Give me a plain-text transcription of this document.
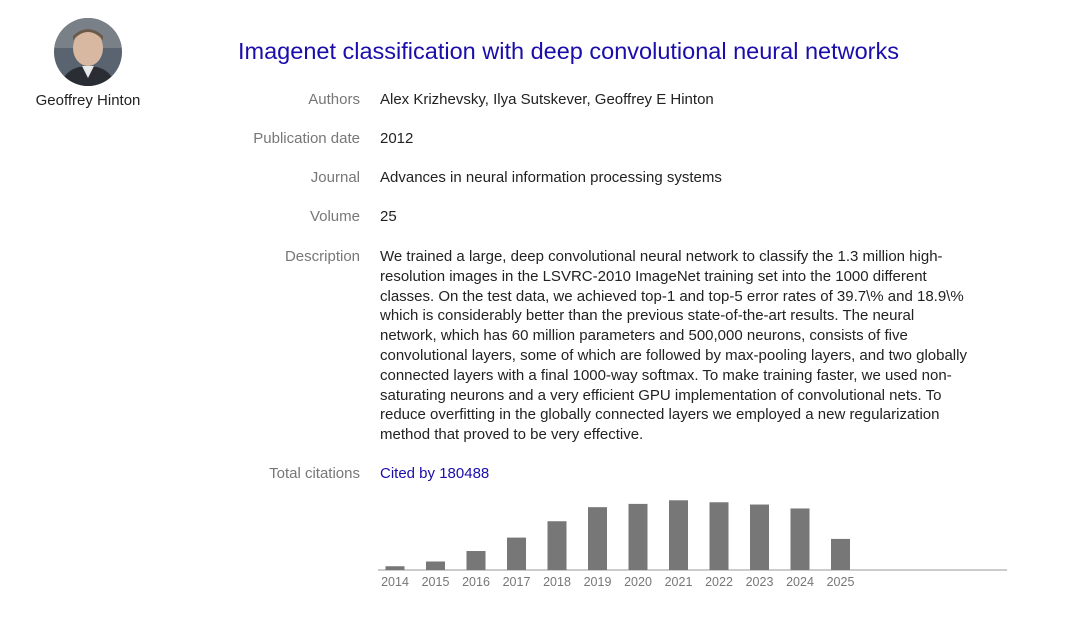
Geoffrey Hinton
Imagenet classification with deep convolutional neural networks
Authors Alex Krizhevsky, Ilya Sutskever, Geoffrey E Hinton
Publication date 2012
Journal Advances in neural information processing systems
Volume 25
Description We trained a large, deep convolutional neural network to classify the 1.3 million high-
resolution images in the LSVRC-2010 ImageNet training set into the 1000 different
classes. On the test data, we achieved top-1 and top-5 error rates of 39.7\% and 18.9\%
which is considerably better than the previous state-of-the-art results. The neural
network, which has 60 million parameters and 500,000 neurons, consists of five
convolutional layers, some of which are followed by max-pooling layers, and two globally
connected layers with a final 1000-way softmax. To make training faster, we used non-
saturating neurons and a very efficient GPU implementation of convolutional nets. To
reduce overfitting in the globally connected layers we employed a new regularization
method that proved to be very effective.
Total citations Cited by 180488
2014 2015 2016 2017 2018 2019 2020 2021 2022 2023 2024 2025
